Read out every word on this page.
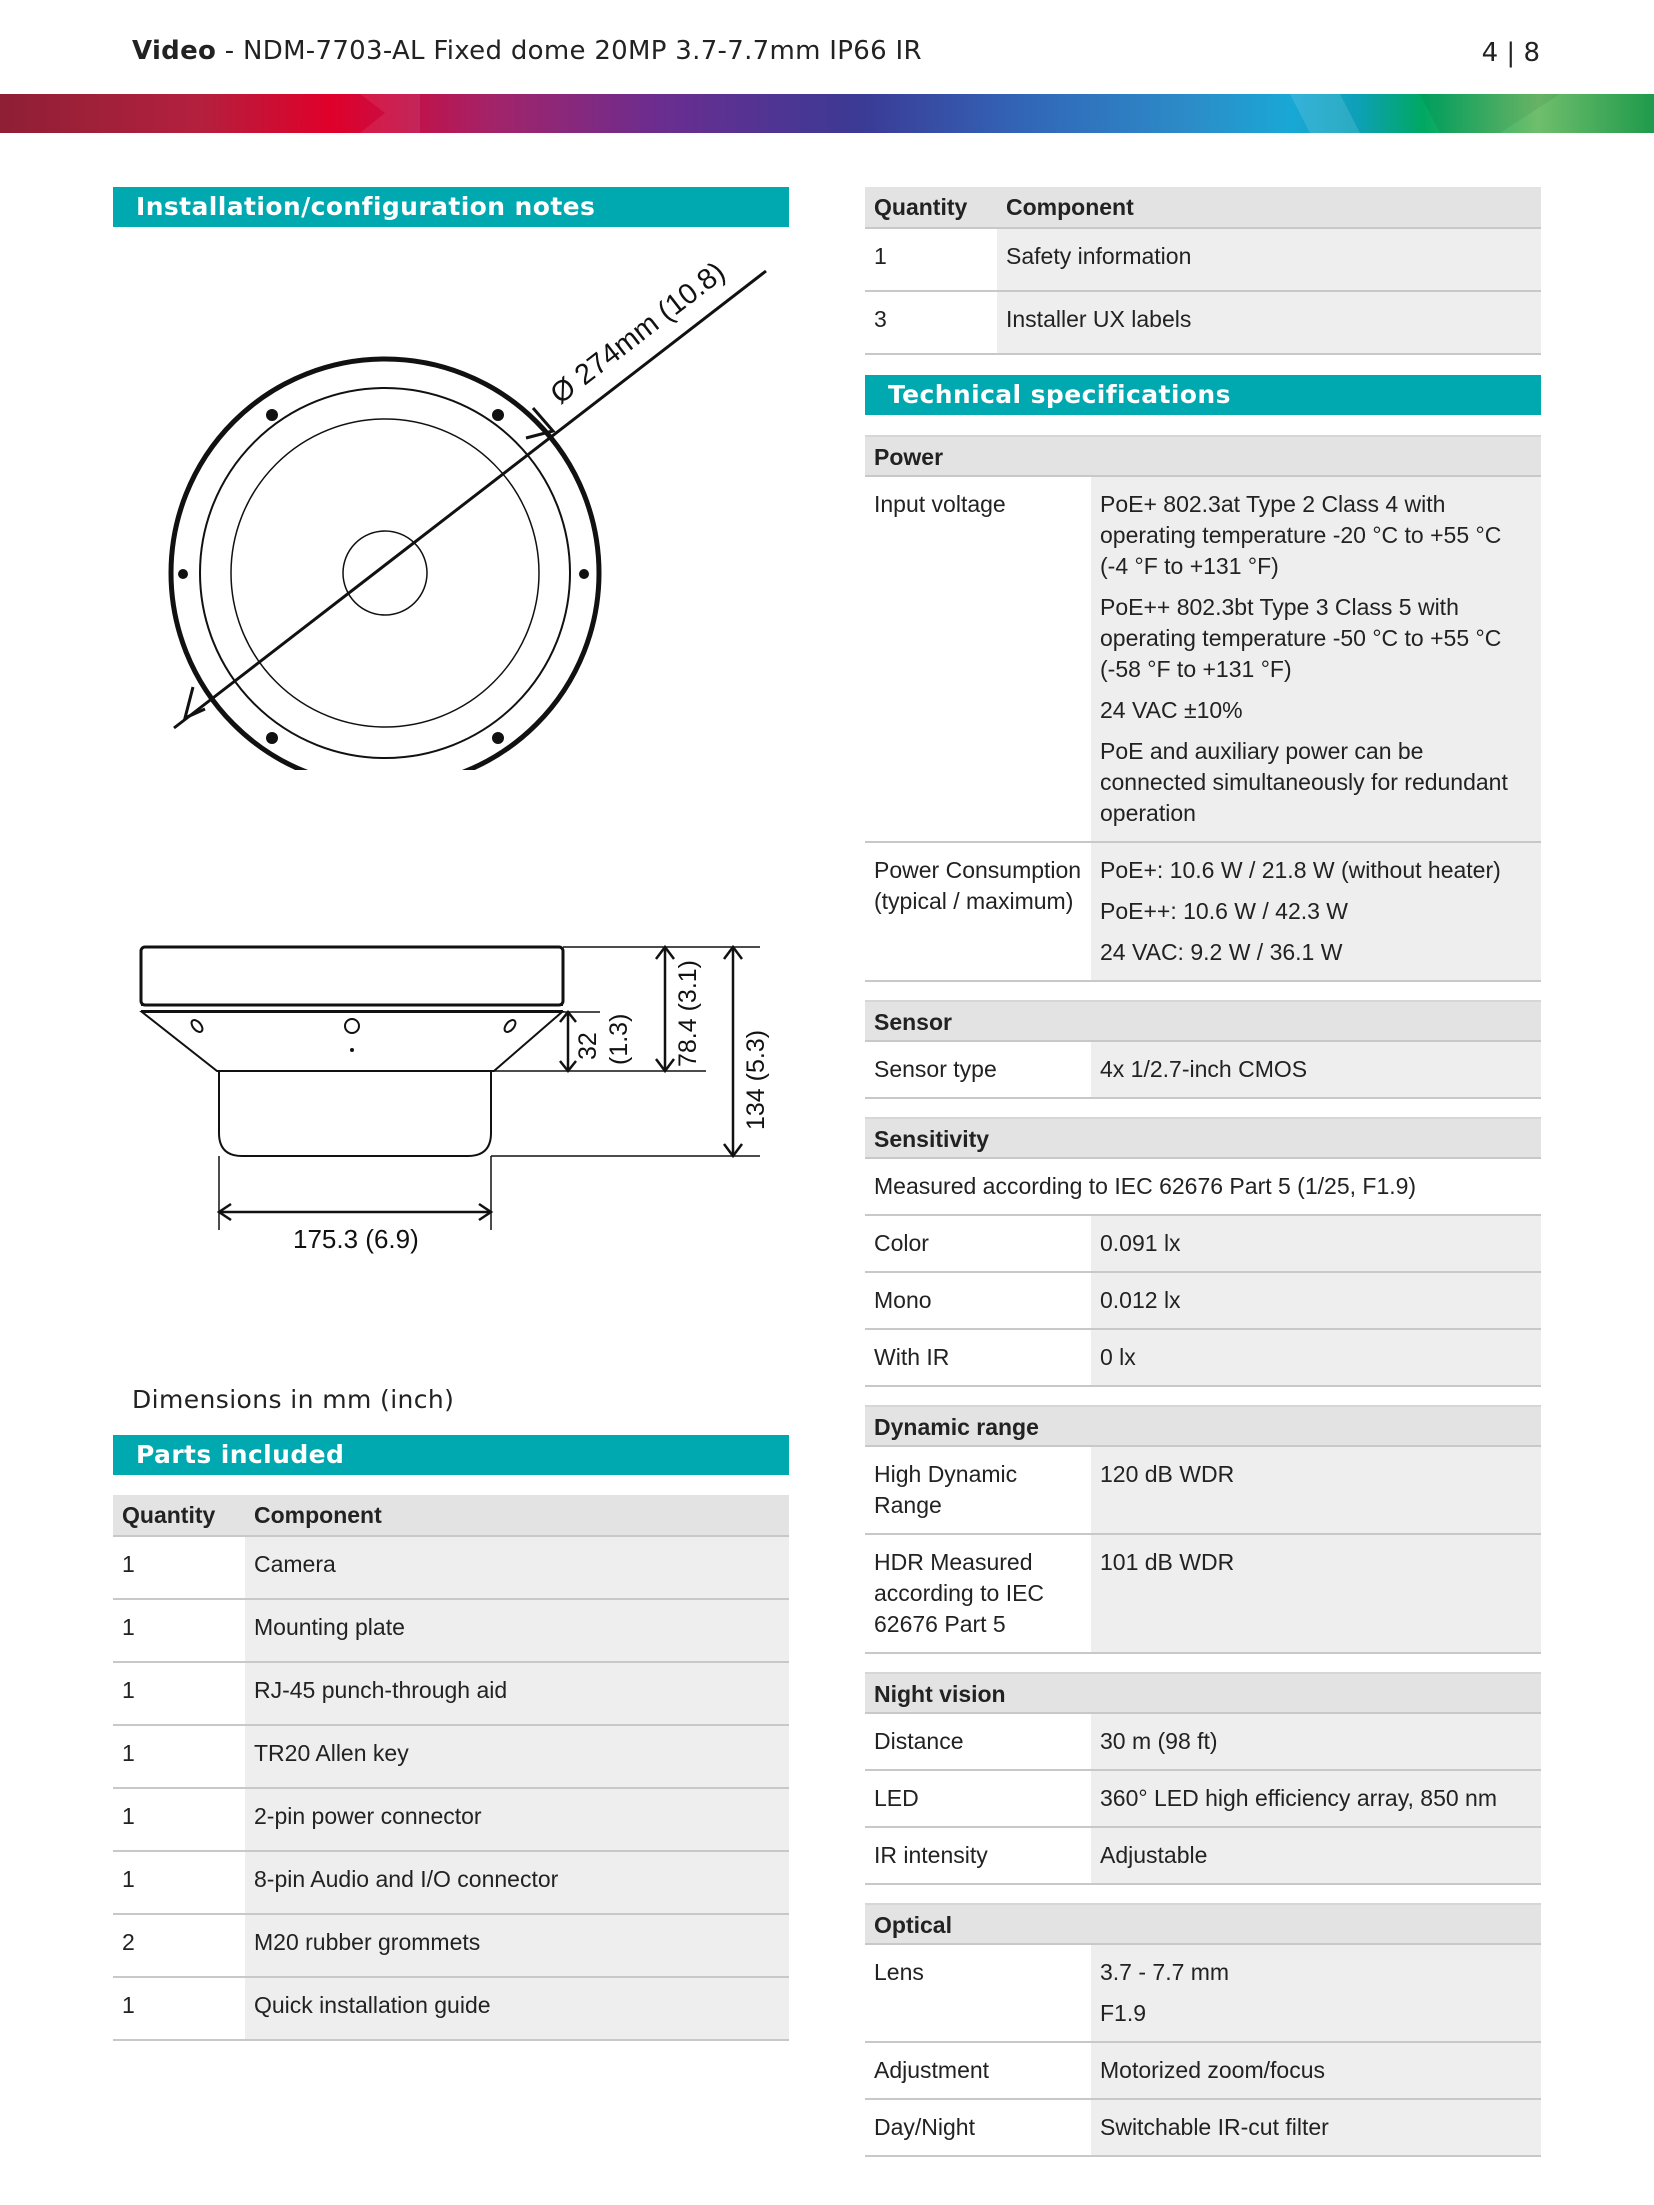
Video - NDM-7703-AL Fixed dome 20MP 3.7-7.7mm IP66 IR	4 | 8
Installation/configuration notes
Ø 274mm (10.8)
175.3 (6.9)
32 (1.3) 78.4 (3.1)
134 (5.3)
Dimensions in mm (inch)
Parts included
Quantity	Component
1	Camera
1	Mounting plate
1	RJ-45 punch-through aid
1	TR20 Allen key
1	2-pin power connector
1	8-pin Audio and I/O connector
2	M20 rubber grommets
1	Quick installation guide
Quantity	Component
1	Safety information
3	Installer UX labels
Technical specifications
Power
Input voltage	PoE+ 802.3at Type 2 Class 4 with operating temperature -20 °C to +55 °C (-4 °F to +131 °F)
PoE++ 802.3bt Type 3 Class 5 with operating temperature -50 °C to +55 °C (-58 °F to +131 °F)
24 VAC ±10%
PoE and auxiliary power can be connected simultaneously for redundant operation

Power Consumption (typical / maximum)	PoE+: 10.6 W / 21.8 W (without heater)
PoE++: 10.6 W / 42.3 W
24 VAC: 9.2 W / 36.1 W
Sensor
Sensor type	4x 1/2.7-inch CMOS
Sensitivity
Measured according to IEC 62676 Part 5 (1/25, F1.9)	
Color	0.091 lx
Mono	0.012 lx
With IR	0 lx
Dynamic range
High Dynamic Range	120 dB WDR
HDR Measured according to IEC 62676 Part 5	101 dB WDR
Night vision
Distance	30 m (98 ft)
LED	360° LED high efficiency array, 850 nm
IR intensity	Adjustable
Optical
Lens	3.7 - 7.7 mm
F1.9

Adjustment	Motorized zoom/focus
Day/Night	Switchable IR-cut filter
